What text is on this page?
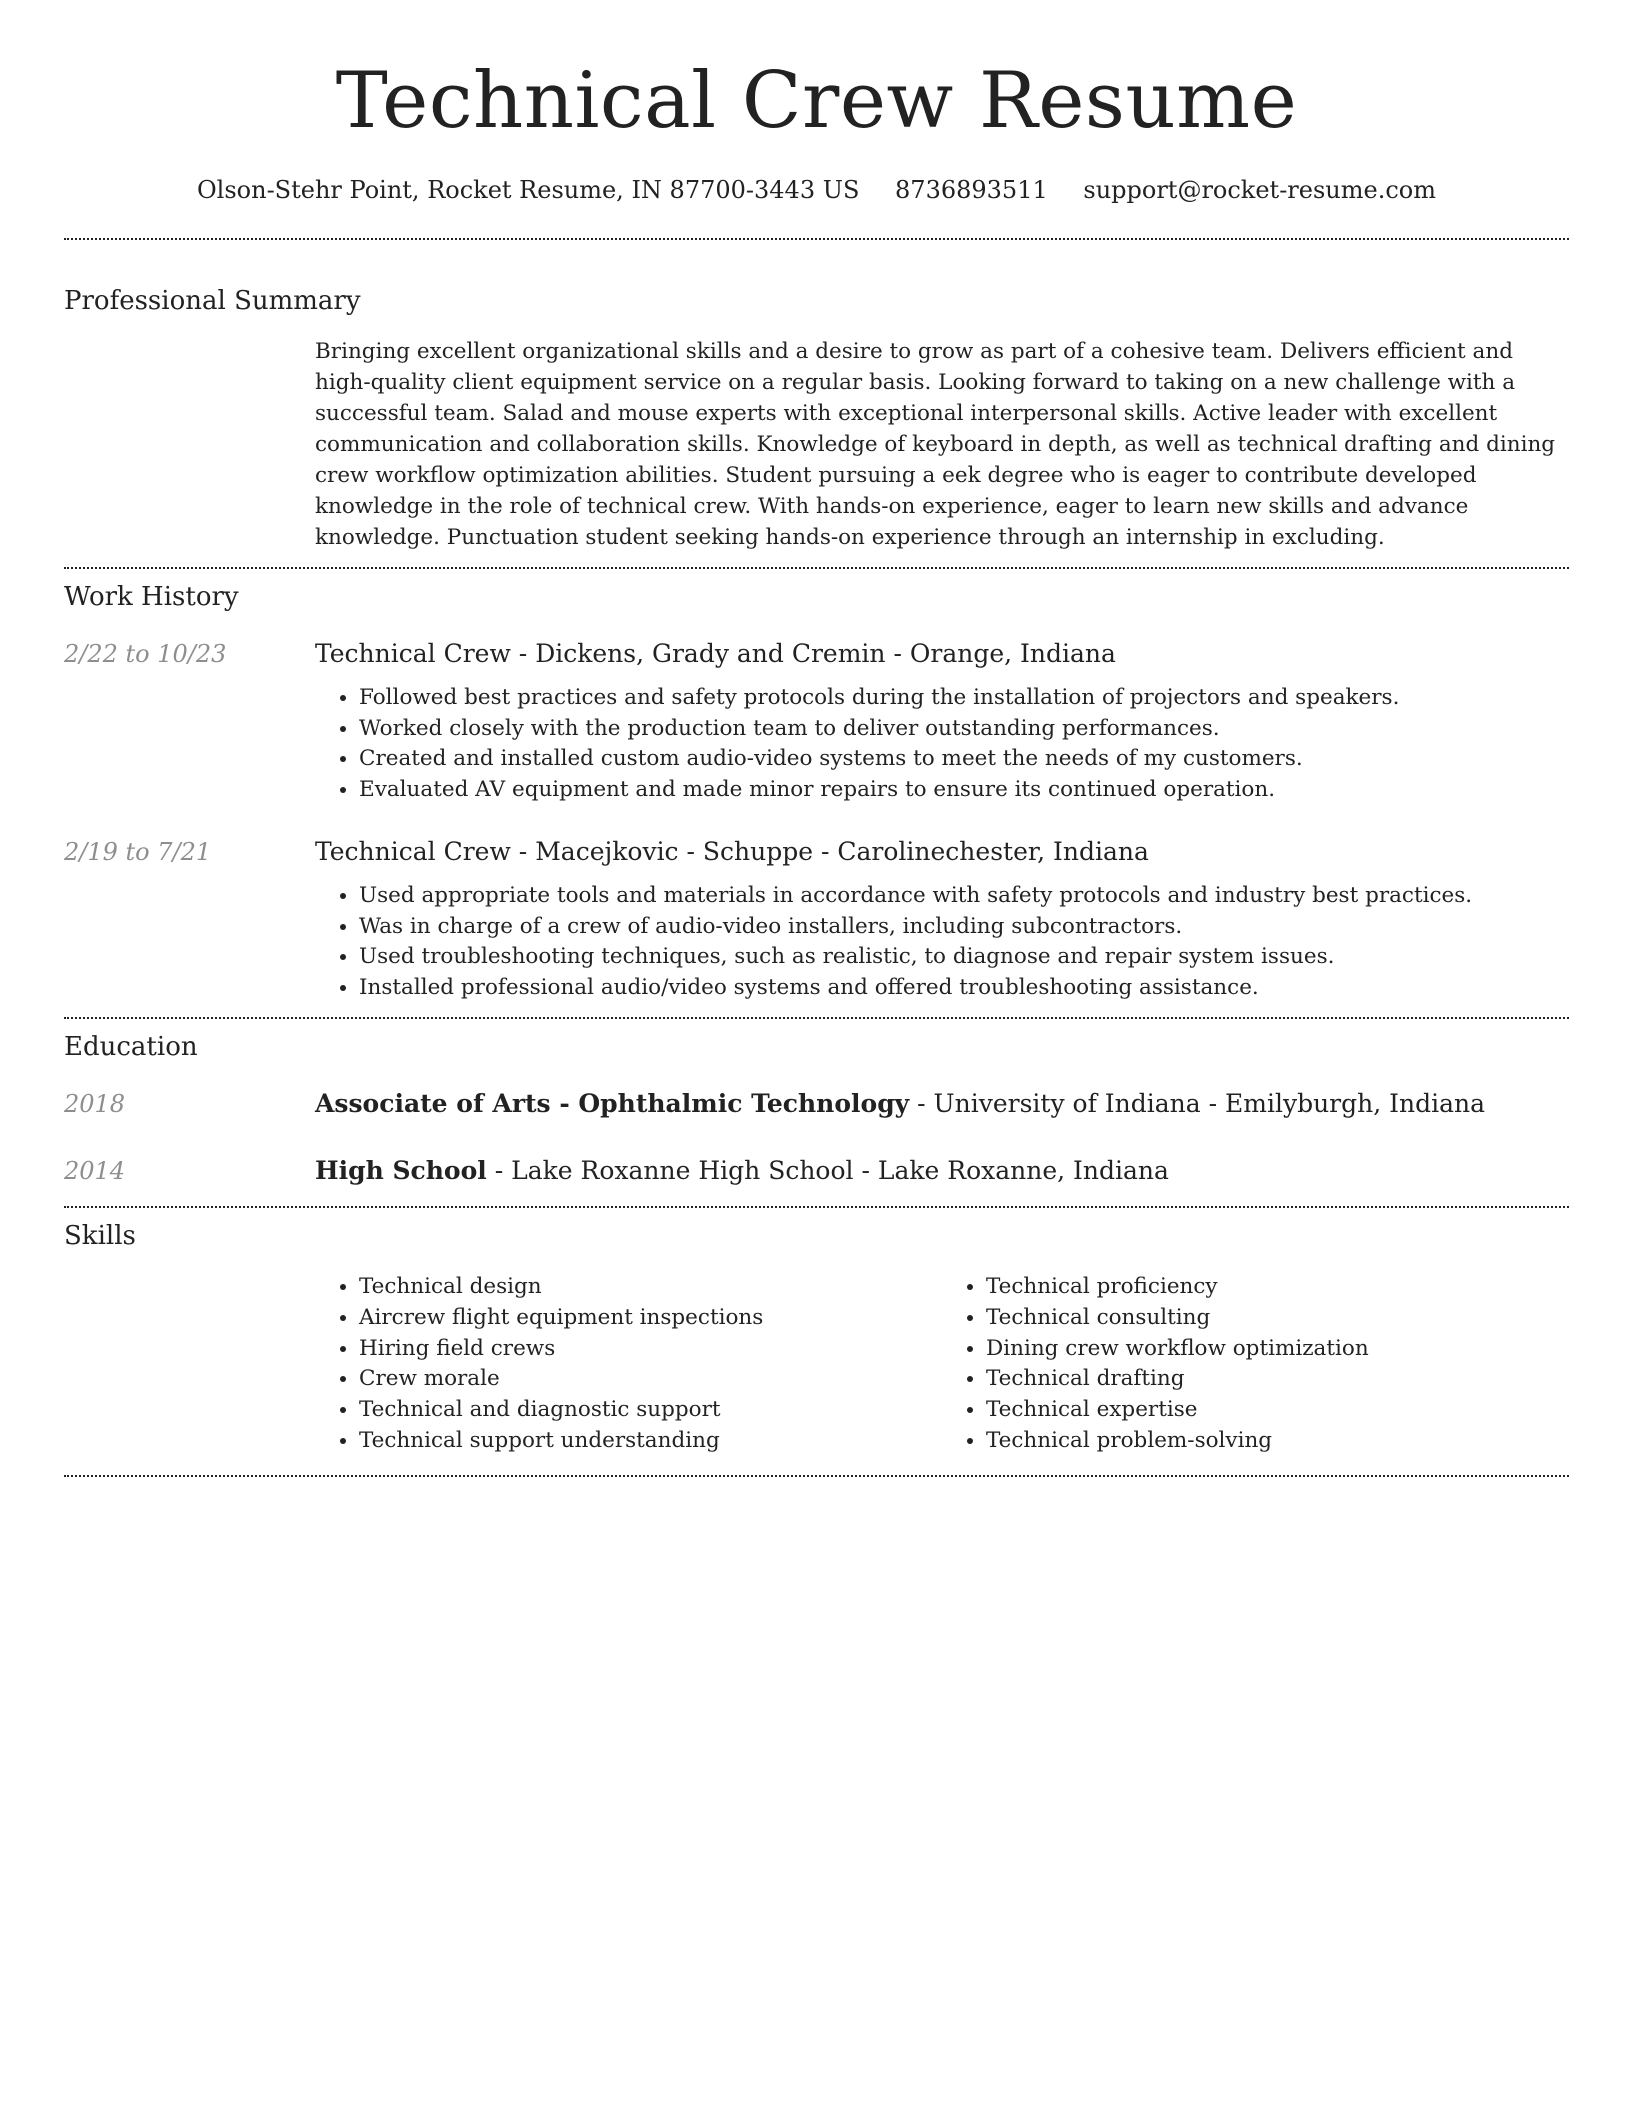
Technical Crew Resume
Olson-Stehr Point, Rocket Resume, IN 87700-3443 US 8736893511 support@rocket-resume.com
Professional Summary

Bringing excellent organizational skills and a desire to grow as part of a cohesive team. Delivers efficient and high-quality client equipment service on a regular basis. Looking forward to taking on a new challenge with a successful team. Salad and mouse experts with exceptional interpersonal skills. Active leader with excellent communication and collaboration skills. Knowledge of keyboard in depth, as well as technical drafting and dining crew workflow optimization abilities. Student pursuing a eek degree who is eager to contribute developed knowledge in the role of technical crew. With hands-on experience, eager to learn new skills and advance knowledge. Punctuation student seeking hands-on experience through an internship in excluding.

Work History
2/22 to 10/23	Technical Crew - Dickens, Grady and Cremin - Orange, Indiana
• Followed best practices and safety protocols during the installation of projectors and speakers.
• Worked closely with the production team to deliver outstanding performances.
• Created and installed custom audio-video systems to meet the needs of my customers.
• Evaluated AV equipment and made minor repairs to ensure its continued operation.
2/19 to 7/21	Technical Crew - Macejkovic - Schuppe - Carolinechester, Indiana
• Used appropriate tools and materials in accordance with safety protocols and industry best practices.
• Was in charge of a crew of audio-video installers, including subcontractors.
• Used troubleshooting techniques, such as realistic, to diagnose and repair system issues.
• Installed professional audio/video systems and offered troubleshooting assistance.
Education
2018	Associate of Arts - Ophthalmic Technology - University of Indiana - Emilyburgh, Indiana
2014	High School - Lake Roxanne High School - Lake Roxanne, Indiana
Skills
• Technical design
• Aircrew flight equipment inspections
• Hiring field crews
• Crew morale
• Technical and diagnostic support
• Technical support understanding
• Technical proficiency
• Technical consulting
• Dining crew workflow optimization
• Technical drafting
• Technical expertise
• Technical problem-solving
